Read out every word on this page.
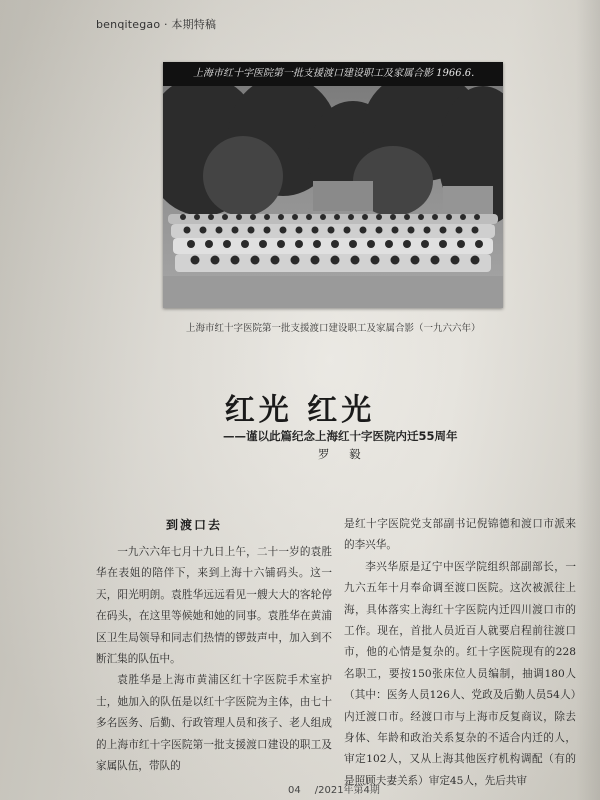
benqitegao · 本期特稿
上海市红十字医院第一批支援渡口建设职工及家属合影 1966.6.
上海市红十字医院第一批支援渡口建设职工及家属合影（一九六六年）
红光 红光
——谨以此篇纪念上海红十字医院内迁55周年
罗 毅
到渡口去

一九六六年七月十九日上午，二十一岁的袁胜华在表姐的陪伴下，来到上海十六铺码头。这一天，阳光明朗。袁胜华远远看见一艘大大的客轮停在码头，在这里等候她和她的同事。袁胜华在黄浦区卫生局领导和同志们热情的锣鼓声中，加入到不断汇集的队伍中。

袁胜华是上海市黄浦区红十字医院手术室护士，她加入的队伍是以红十字医院为主体，由七十多名医务、后勤、行政管理人员和孩子、老人组成的上海市红十字医院第一批支援渡口建设的职工及家属队伍，带队的

是红十字医院党支部副书记倪锦德和渡口市派来的李兴华。

李兴华原是辽宁中医学院组织部副部长，一九六五年十月奉命调至渡口医院。这次被派往上海，具体落实上海红十字医院内迁四川渡口市的工作。现在，首批人员近百人就要启程前往渡口市，他的心情是复杂的。红十字医院现有的228名职工，要按150张床位人员编制，抽调180人（其中：医务人员126人、党政及后勤人员54人）内迁渡口市。经渡口市与上海市反复商议，除去身体、年龄和政治关系复杂的不适合内迁的人，审定102人，又从上海其他医疗机构调配（有的是照顾夫妻关系）审定45人，先后共审

04 /2021年第4期
